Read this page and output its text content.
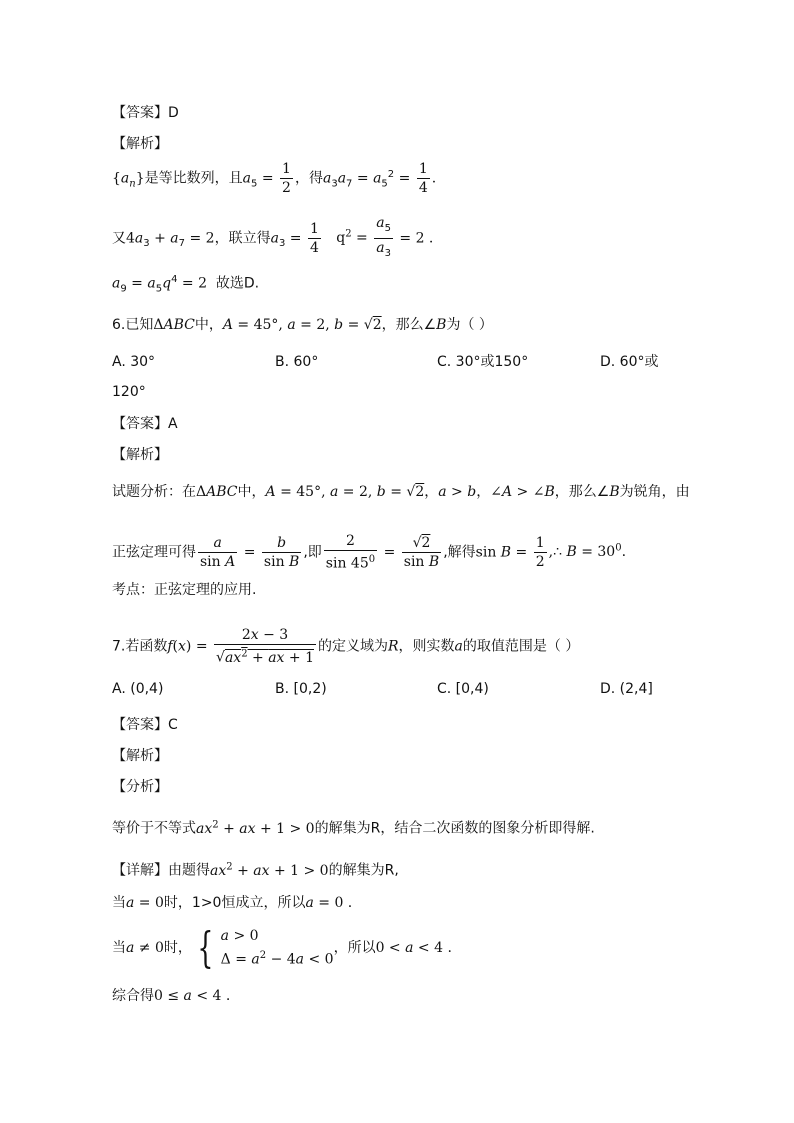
【答案】D
【解析】
$\{a_n\}$是等比数列，且$a_5 = \frac{1}{2}$ ，得$a_3a_7 = a_5^2 = \frac{1}{4}$ .
又$4a_3 + a_7 = 2$，联立得$a_3 = \frac{1}{4} q^2 = \frac{a_5}{a_3} = 2$ .
$a_9 = a_5q^4 = 2$  故选D.
6.已知ΔABC中，A = 45°, a = 2, b = √2，那么∠B为（ ）
A. 30°	B. 60°	C. 30°或150°	D. 60°或
120°
【答案】A
【解析】
试题分析：在ΔABC中，A = 45°, a = 2, b = √2，a > b，∠A > ∠B，那么∠B为锐角，由
正弦定理可得 $\frac{a}{\text{sin A}} = \frac{b}{\text{sin B}}$ ,即 $\frac{2}{\sin 45^0} = \frac{√2}{\text{sin B}}$ ,解得$\sin B = \frac{1}{2}$ ,∴ $B = 30^0$.
考点：正弦定理的应用.
7.若函数$f(x) = \frac{2x - 3}{√ax^2 + ax + 1}$ 的定义域为R，则实数a的取值范围是（ ）
A. (0,4)	B. [0,2)	C. [0,4)	D. (2,4]
【答案】C
【解析】
【分析】
等价于不等式$ax^2$ + ax + 1 > 0的解集为R，结合二次函数的图象分析即得解.
【详解】由题得$ax^2$ + ax + 1 > 0的解集为R,
当a = 0时，1>0恒成立，所以a = 0 .
当a ≠ 0时， { a > 0
$\Delta = a^2 - 4a < 0$
，所以0 < a < 4 .
综合得0 ≤ a < 4 .
